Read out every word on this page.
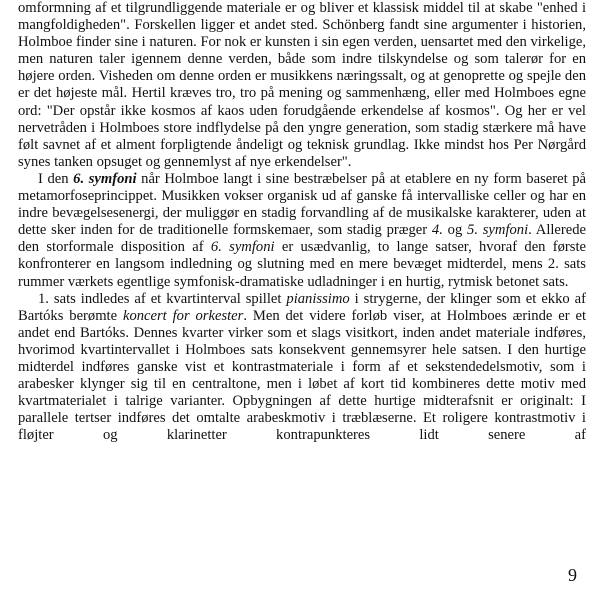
omformning af et tilgrundliggende materiale er og bliver et klassisk middel til at skabe "enhed i mangfoldigheden". Forskellen ligger et andet sted. Schönberg fandt sine argumenter i historien, Holmboe finder sine i naturen. For nok er kunsten i sin egen verden, uensartet med den virkelige, men naturen taler igennem denne verden, både som indre tilskyndelse og som talerør for en højere orden. Visheden om denne orden er musikkens næringssalt, og at genoprette og spejle den er det højeste mål. Hertil kræves tro, tro på mening og sammenhæng, eller med Holmboes egne ord: "Der opstår ikke kosmos af kaos uden forudgående erkendelse af kosmos". Og her er vel nervetråden i Holmboes store indflydelse på den yngre generation, som stadig stærkere må have følt savnet af et alment forpligtende åndeligt og teknisk grundlag. Ikke mindst hos Per Nørgård synes tanken opsuget og gennemlyst af nye erkendelser".

I den 6. symfoni når Holmboe langt i sine bestræbelser på at etablere en ny form baseret på metamorfoseprincippet. Musikken vokser organisk ud af ganske få intervalliske celler og har en indre bevægelsesenergi, der muliggør en stadig forvandling af de musikalske karakterer, uden at dette sker inden for de traditionelle formskemaer, som stadig præger 4. og 5. symfoni. Allerede den storformale disposition af 6. symfoni er usædvanlig, to lange satser, hvoraf den første konfronterer en langsom indledning og slutning med en mere bevæget midterdel, mens 2. sats rummer værkets egentlige symfonisk-dramatiske udladninger i en hurtig, rytmisk betonet sats.

1. sats indledes af et kvartinterval spillet pianissimo i strygerne, der klinger som et ekko af Bartóks berømte koncert for orkester. Men det videre forløb viser, at Holmboes ærinde er et andet end Bartóks. Dennes kvarter virker som et slags visitkort, inden andet materiale indføres, hvorimod kvartintervallet i Holmboes sats konsekvent gennemsyrer hele satsen. I den hurtige midterdel indføres ganske vist et kontrastmateriale i form af et sekstendedelsmotiv, som i arabesker klynger sig til en centraltone, men i løbet af kort tid kombineres dette motiv med kvartmaterialet i talrige varianter. Opbygningen af dette hurtige midterafsnit er originalt: I parallele tertser indføres det omtalte arabeskmotiv i træblæserne. Et roligere kontrastmotiv i fløjter og klarinetter kontrapunkteres lidt senere af

9
